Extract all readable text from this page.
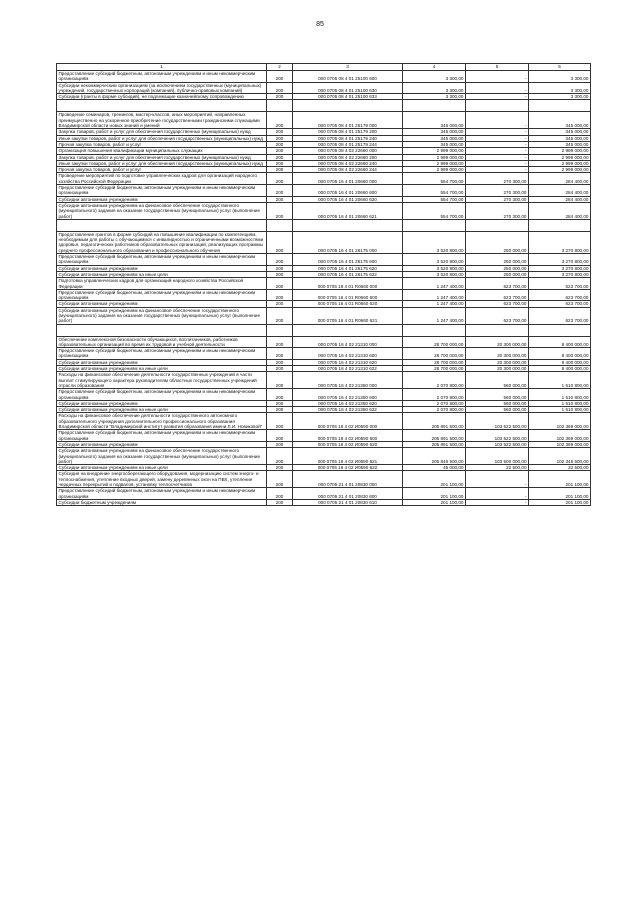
85
1	2	3	4	5	6
Предоставление субсидий бюджетным, автономным учреждениям и иным некоммерческим организациям	200	000 0705 08 4 01 25100 600	3 300,00	-	3 300,00
Субсидии некоммерческим организациям (за исключением государственных (муниципальных) учреждений, государственных корпораций (компаний), публично-правовых компаний)	200	000 0705 08 4 01 25100 630	3 300,00	-	3 300,00
Субсидии (гранты в форме субсидий), не подлежащие казначейскому сопровождению	200	000 0705 08 4 01 25100 633	3 300,00	-	3 300,00

Проведение семинаров, тренингов, мастер-классов, иных мероприятий, направленных преимущественно на ускоренное приобретение государственными гражданскими служащими Владимирской области новых знаний и умений	200	000 0705 08 4 01 25179 000	345 000,00	-	345 000,00
Закупка товаров, работ и услуг для обеспечения государственных (муниципальных) нужд	200	000 0705 08 4 01 25179 200	345 000,00	-	345 000,00
Иные закупки товаров, работ и услуг для обеспечения государственных (муниципальных) нужд	200	000 0705 08 4 01 25179 240	345 000,00	-	345 000,00
Прочая закупка товаров, работ и услуг	200	000 0705 08 4 01 25179 244	345 000,00	-	345 000,00
Организация повышения квалификации муниципальных служащих	200	000 0705 08 4 02 22660 000	2 999 000,00	-	2 999 000,00
Закупка товаров, работ и услуг для обеспечения государственных (муниципальных) нужд	200	000 0705 08 4 02 22660 200	2 999 000,00	-	2 999 000,00
Иные закупки товаров, работ и услуг для обеспечения государственных (муниципальных) нужд	200	000 0705 08 4 02 22660 240	2 999 000,00	-	2 999 000,00
Прочая закупка товаров, работ и услуг	200	000 0705 08 4 02 22660 244	2 999 000,00	-	2 999 000,00
Проведение мероприятий по подготовке управленческих кадров для организаций народного хозяйства Российской Федерации	200	000 0705 16 4 01 20660 000	554 700,00	270 300,00	284 400,00
Предоставление субсидий бюджетным, автономным учреждениям и иным некоммерческим организациям	200	000 0705 16 4 01 20660 600	554 700,00	270 300,00	284 400,00
Субсидии автономным учреждениям	200	000 0705 16 4 01 20660 620	554 700,00	270 300,00	284 400,00
Субсидии автономным учреждениям на финансовое обеспечение государственного (муниципального) задания на оказание государственных (муниципальных) услуг (выполнение работ)	200	000 0705 16 4 01 20660 621	554 700,00	270 300,00	284 400,00

Предоставление грантов в форме субсидий на повышение квалификации по компетенциям, необходимым для работы с обучающимися с инвалидностью и ограниченными возможностями здоровья, педагогических работников образовательных организаций, реализующих программы среднего профессионального образования и профессионального обучения	200	000 0705 16 4 01 26175 000	3 520 800,00	250 000,00	3 270 800,00
Предоставление субсидий бюджетным, автономным учреждениям и иным некоммерческим организациям	200	000 0705 16 4 01 26175 600	3 520 800,00	250 000,00	3 270 800,00
Субсидии автономным учреждениям	200	000 0705 16 4 01 26175 620	3 520 800,00	250 000,00	3 270 800,00
Субсидии автономным учреждениям на иные цели	200	000 0705 16 4 01 26175 622	3 520 800,00	250 000,00	3 270 800,00
Подготовка управленческих кадров для организаций народного хозяйства Российской Федерации	200	000 0705 16 4 01 R0660 000	1 247 400,00	623 700,00	623 700,00
Предоставление субсидий бюджетным, автономным учреждениям и иным некоммерческим организациям	200	000 0705 16 4 01 R0660 600	1 247 400,00	623 700,00	623 700,00
Субсидии автономным учреждениям	200	000 0705 16 4 01 R0660 620	1 247 400,00	623 700,00	623 700,00
Субсидии автономным учреждениям на финансовое обеспечение государственного (муниципального) задания на оказание государственных (муниципальных) услуг (выполнение работ)	200	000 0705 16 4 01 R0660 621	1 247 400,00	623 700,00	623 700,00

Обеспечение комплексной безопасности обучающихся, воспитанников, работников образовательных организаций во время их трудовой и учебной деятельности	200	000 0705 16 4 02 21310 000	28 700 000,00	20 300 000,00	8 400 000,00
Предоставление субсидий бюджетным, автономным учреждениям и иным некоммерческим организациям	200	000 0705 16 4 02 21310 600	28 700 000,00	20 300 000,00	8 400 000,00
Субсидии автономным учреждениям	200	000 0705 16 4 02 21310 620	28 700 000,00	20 300 000,00	8 400 000,00
Субсидии автономным учреждениям на иные цели	200	000 0705 16 4 02 21310 622	28 700 000,00	20 300 000,00	8 400 000,00
Расходы на финансовое обеспечение деятельности государственных учреждений в части выплат стимулирующего характера руководителям областных государственных учреждений отрасли образования	200	000 0705 16 4 02 21350 000	2 070 800,00	560 000,00	1 510 800,00
Предоставление субсидий бюджетным, автономным учреждениям и иным некоммерческим организациям	200	000 0705 16 4 02 21350 600	2 070 800,00	560 000,00	1 510 800,00
Субсидии автономным учреждениям	200	000 0705 16 4 02 21350 620	2 070 800,00	560 000,00	1 510 800,00
Субсидии автономным учреждениям на иные цели	200	000 0705 16 4 02 21350 622	2 070 800,00	560 000,00	1 510 800,00
Расходы на финансовое обеспечение деятельности государственного автономного образовательного учреждения дополнительного профессионального образования Владимирской области "Владимирский институт развития образования имени Л.И. Новиковой"	200	000 0705 16 4 02 И0590 000	205 891 500,00	103 522 500,00	102 369 000,00
Предоставление субсидий бюджетным, автономным учреждениям и иным некоммерческим организациям	200	000 0705 16 4 02 И0590 600	205 891 500,00	103 522 500,00	102 369 000,00
Субсидии автономным учреждениям	200	000 0705 16 4 02 И0590 620	205 891 500,00	103 522 500,00	102 369 000,00
Субсидии автономным учреждениям на финансовое обеспечение государственного (муниципального) задания на оказание государственных (муниципальных) услуг (выполнение работ)	200	000 0705 16 4 02 И0590 621	205 846 500,00	103 500 000,00	102 346 500,00
Субсидии автономным учреждениям на иные цели	200	000 0705 16 4 02 И0590 622	45 000,00	22 500,00	22 500,00
Субсидия на внедрение энергосберегающего оборудования, модернизацию систем энерго- и теплоснабжения, утепление входных дверей, замену деревянных окон на ПВХ, утепление чердачных перекрытий и подвалов, установку теплосчетчиков	200	000 0705 21 4 01 20830 000	201 100,00	-	201 100,00
Предоставление субсидий бюджетным, автономным учреждениям и иным некоммерческим организациям	200	000 0705 21 4 01 20830 600	201 100,00	-	201 100,00
Субсидии бюджетным учреждениям	200	000 0705 21 4 01 20830 610	201 100,00	-	201 100,00
